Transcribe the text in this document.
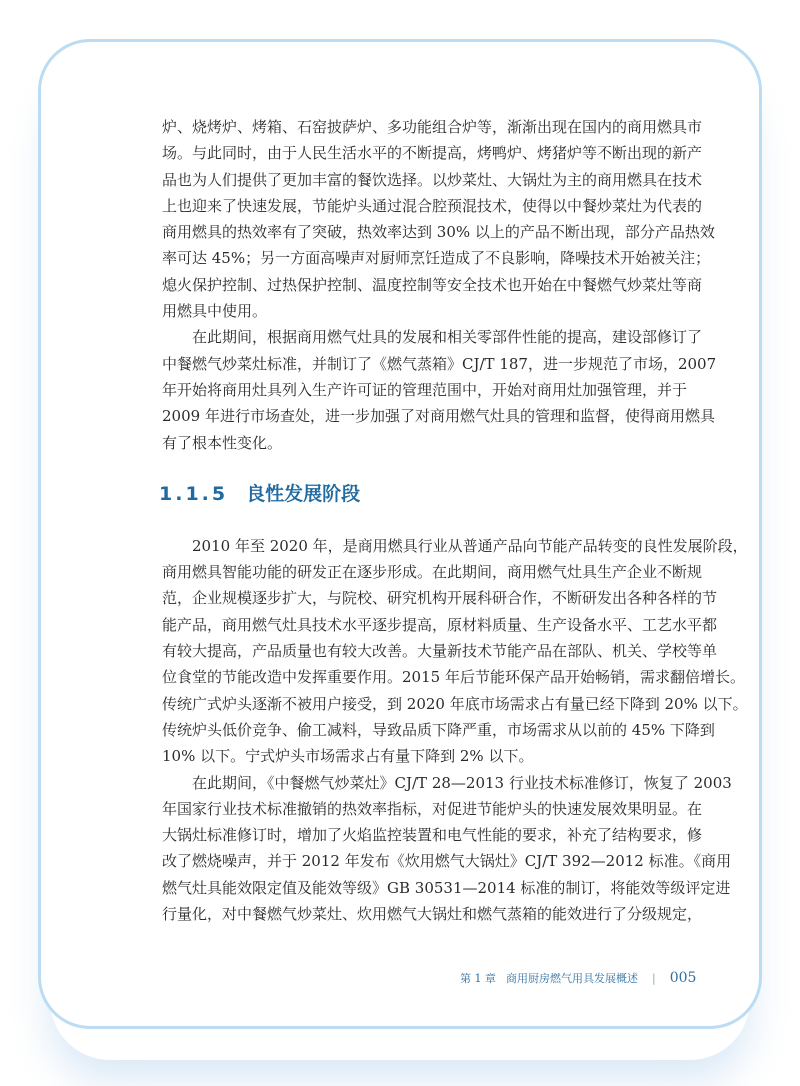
炉、烧烤炉、烤箱、石窑披萨炉、多功能组合炉等，渐渐出现在国内的商用燃具市
场。与此同时，由于人民生活水平的不断提高，烤鸭炉、烤猪炉等不断出现的新产
品也为人们提供了更加丰富的餐饮选择。以炒菜灶、大锅灶为主的商用燃具在技术
上也迎来了快速发展，节能炉头通过混合腔预混技术，使得以中餐炒菜灶为代表的
商用燃具的热效率有了突破，热效率达到 30% 以上的产品不断出现，部分产品热效
率可达 45%；另一方面高噪声对厨师烹饪造成了不良影响，降噪技术开始被关注；
熄火保护控制、过热保护控制、温度控制等安全技术也开始在中餐燃气炒菜灶等商
用燃具中使用。
在此期间，根据商用燃气灶具的发展和相关零部件性能的提高，建设部修订了
中餐燃气炒菜灶标准，并制订了《燃气蒸箱》CJ/T 187，进一步规范了市场，2007
年开始将商用灶具列入生产许可证的管理范围中，开始对商用灶加强管理，并于
2009 年进行市场查处，进一步加强了对商用燃气灶具的管理和监督，使得商用燃具
有了根本性变化。
1.1.5 良性发展阶段
2010 年至 2020 年，是商用燃具行业从普通产品向节能产品转变的良性发展阶段，
商用燃具智能功能的研发正在逐步形成。在此期间，商用燃气灶具生产企业不断规
范，企业规模逐步扩大，与院校、研究机构开展科研合作，不断研发出各种各样的节
能产品，商用燃气灶具技术水平逐步提高，原材料质量、生产设备水平、工艺水平都
有较大提高，产品质量也有较大改善。大量新技术节能产品在部队、机关、学校等单
位食堂的节能改造中发挥重要作用。2015 年后节能环保产品开始畅销，需求翻倍增长。
传统广式炉头逐渐不被用户接受，到 2020 年底市场需求占有量已经下降到 20% 以下。
传统炉头低价竞争、偷工减料，导致品质下降严重，市场需求从以前的 45% 下降到
10% 以下。宁式炉头市场需求占有量下降到 2% 以下。
在此期间，《中餐燃气炒菜灶》CJ/T 28—2013 行业技术标准修订，恢复了 2003
年国家行业技术标准撤销的热效率指标，对促进节能炉头的快速发展效果明显。在
大锅灶标准修订时，增加了火焰监控装置和电气性能的要求，补充了结构要求，修
改了燃烧噪声，并于 2012 年发布《炊用燃气大锅灶》CJ/T 392—2012 标准。《商用
燃气灶具能效限定值及能效等级》GB 30531—2014 标准的制订，将能效等级评定进
行量化，对中餐燃气炒菜灶、炊用燃气大锅灶和燃气蒸箱的能效进行了分级规定，
第 1 章 商用厨房燃气用具发展概述 | 005
